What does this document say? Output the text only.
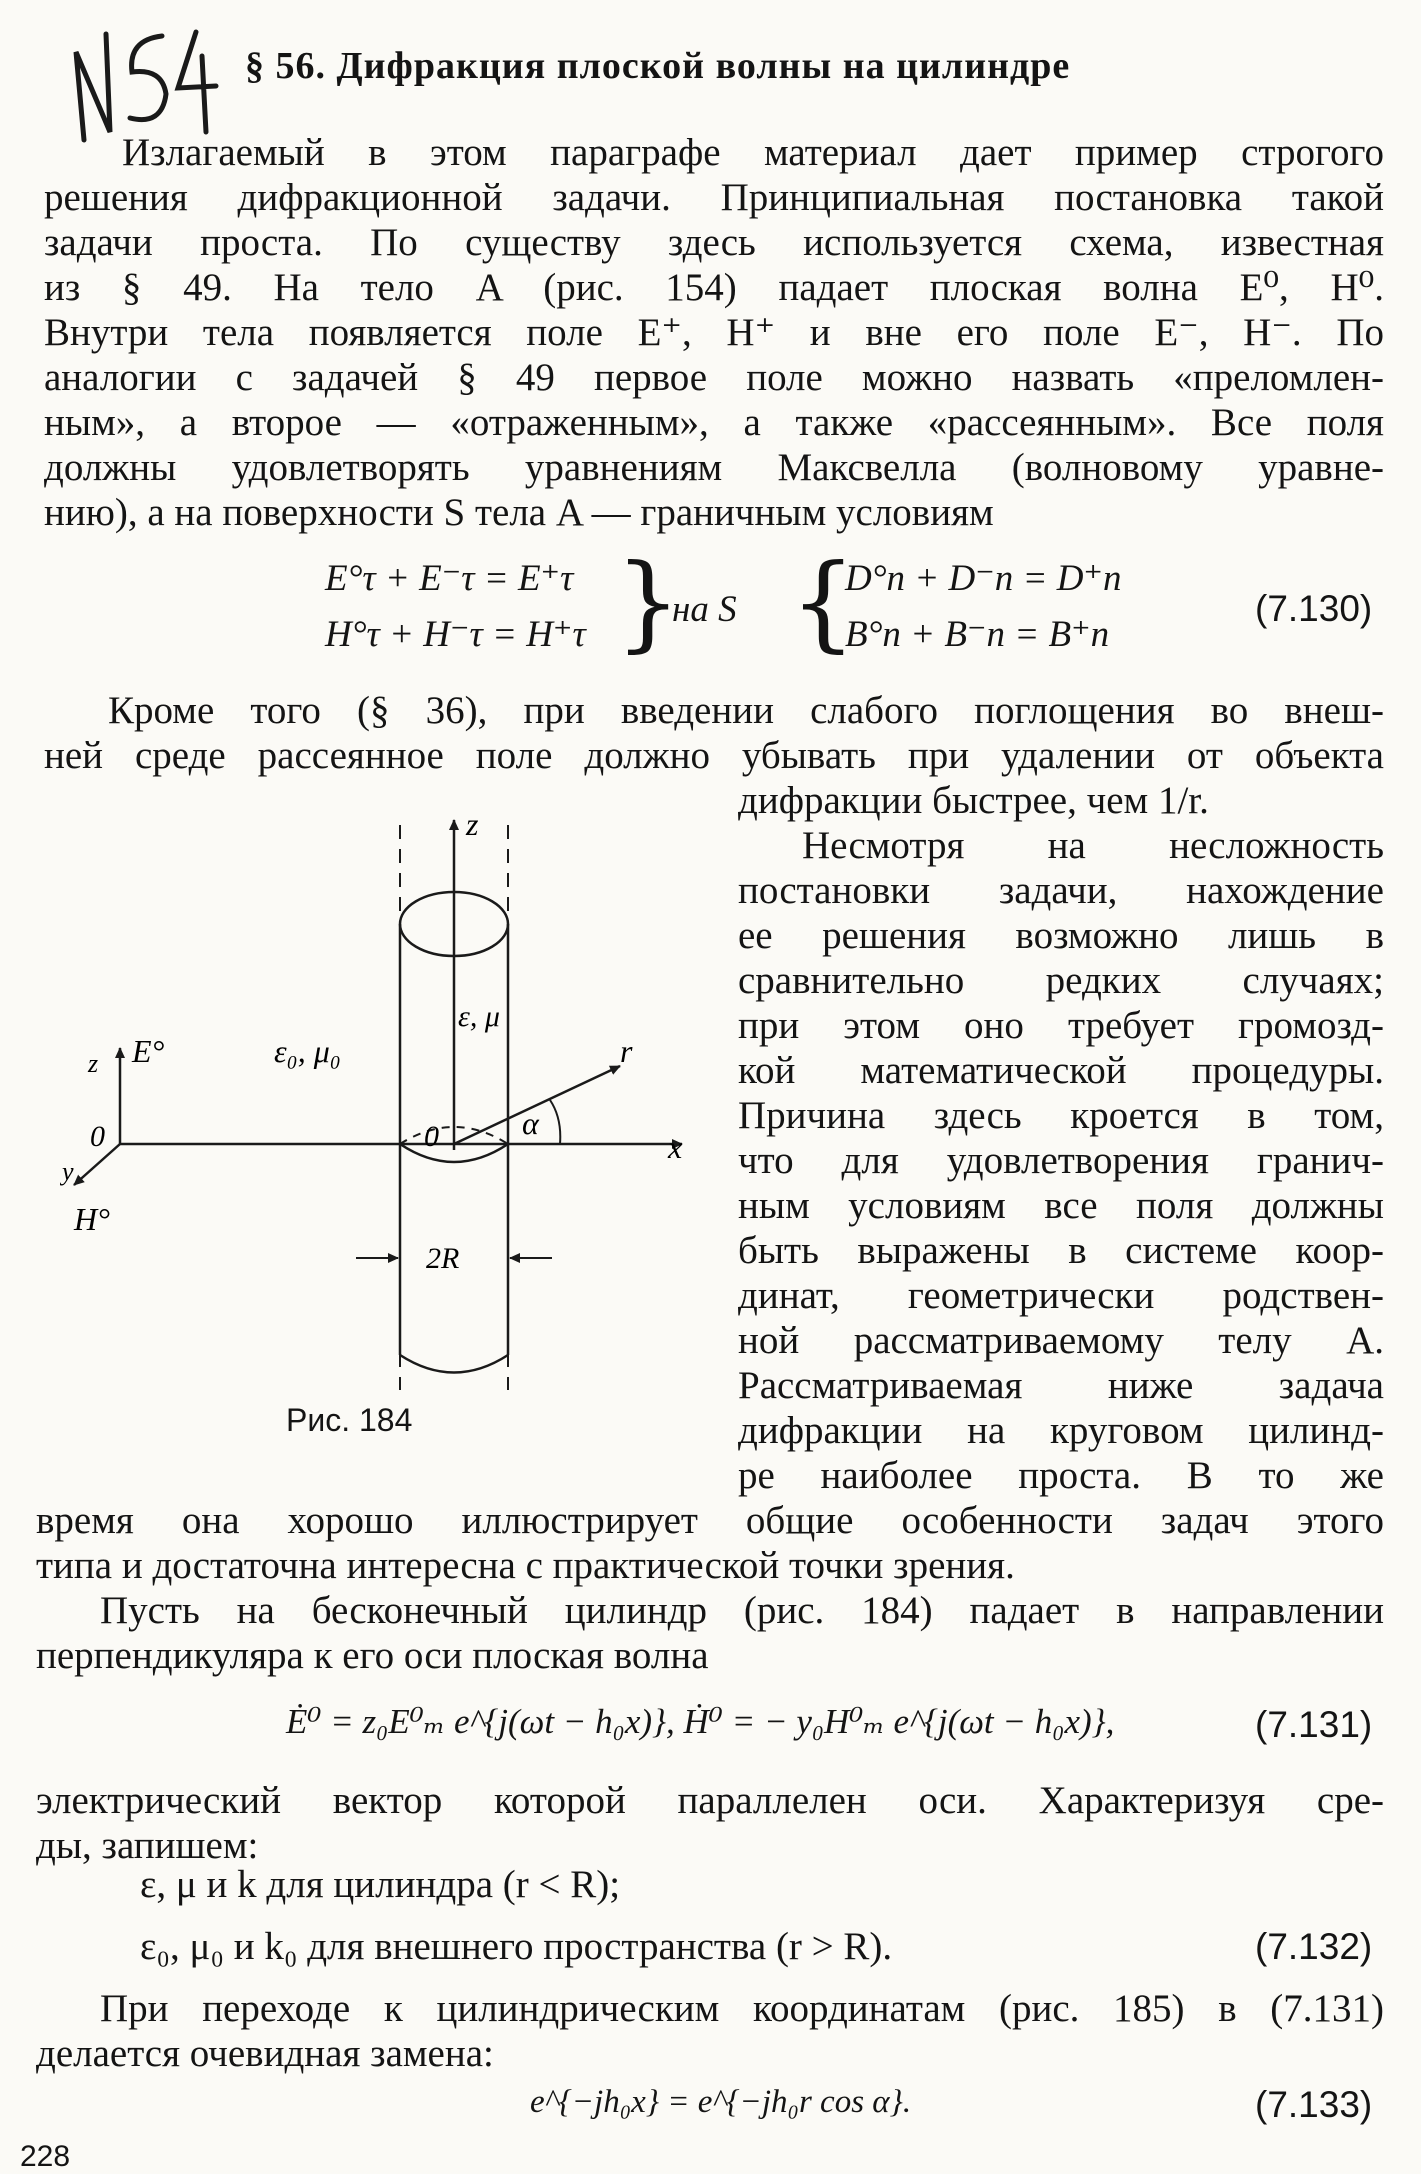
§ 56. Дифракция плоской волны на цилиндре
Излагаемый в этом параграфе материал дает пример строгого
решения дифракционной задачи. Принципиальная постановка такой
задачи проста. По существу здесь используется схема, известная
из § 49. На тело A (рис. 154) падает плоская волна E⁰, H⁰.
Внутри тела появляется поле E⁺, H⁺ и вне его поле E⁻, H⁻. По
аналогии с задачей § 49 первое поле можно назвать «преломлен-
ным», а второе — «отраженным», а также «рассеянным». Все поля
должны удовлетворять уравнениям Максвелла (волновому уравне-
нию), а на поверхности S тела A — граничным условиям
E°τ + E⁻τ = E⁺τ
H°τ + H⁻τ = H⁺τ }
на S {
D°n + D⁻n = D⁺n
B°n + B⁻n = B⁺n
(7.130)
Кроме того (§ 36), при введении слабого поглощения во внеш-
ней среде рассеянное поле должно убывать при удалении от объекта
дифракции быстрее, чем 1/r.
Несмотря на несложность
постановки задачи, нахождение
ее решения возможно лишь в
сравнительно редких случаях;
при этом оно требует громозд-
кой математической процедуры.
Причина здесь кроется в том,
что для удовлетворения гранич-
ным условиям все поля должны
быть выражены в системе коор-
динат, геометрически родствен-
ной рассматриваемому телу A.
Рассматриваемая ниже задача
дифракции на круговом цилинд-
ре наиболее проста. В то же
время она хорошо иллюстрирует общие особенности задач этого
типа и достаточна интересна с практической точки зрения.
z
z E°
H°
y
0	0
ε₀, μ₀
ε, μ
r
α
x
2R
Рис. 184
Пусть на бесконечный цилиндр (рис. 184) падает в направлении
перпендикуляра к его оси плоская волна
Ė⁰ = z₀E⁰ₘ e^{j(ωt − h₀x)}, Ḣ⁰ = − y₀H⁰ₘ e^{j(ωt − h₀x)},	(7.131)
электрический вектор которой параллелен оси. Характеризуя сре-
ды, запишем:
ε, μ и k для цилиндра (r < R);
ε₀, μ₀ и k₀ для внешнего пространства (r > R).	(7.132)
При переходе к цилиндрическим координатам (рис. 185) в (7.131)
делается очевидная замена:
e^{−jh₀x} = e^{−jh₀r cos α}.	(7.133)
228
